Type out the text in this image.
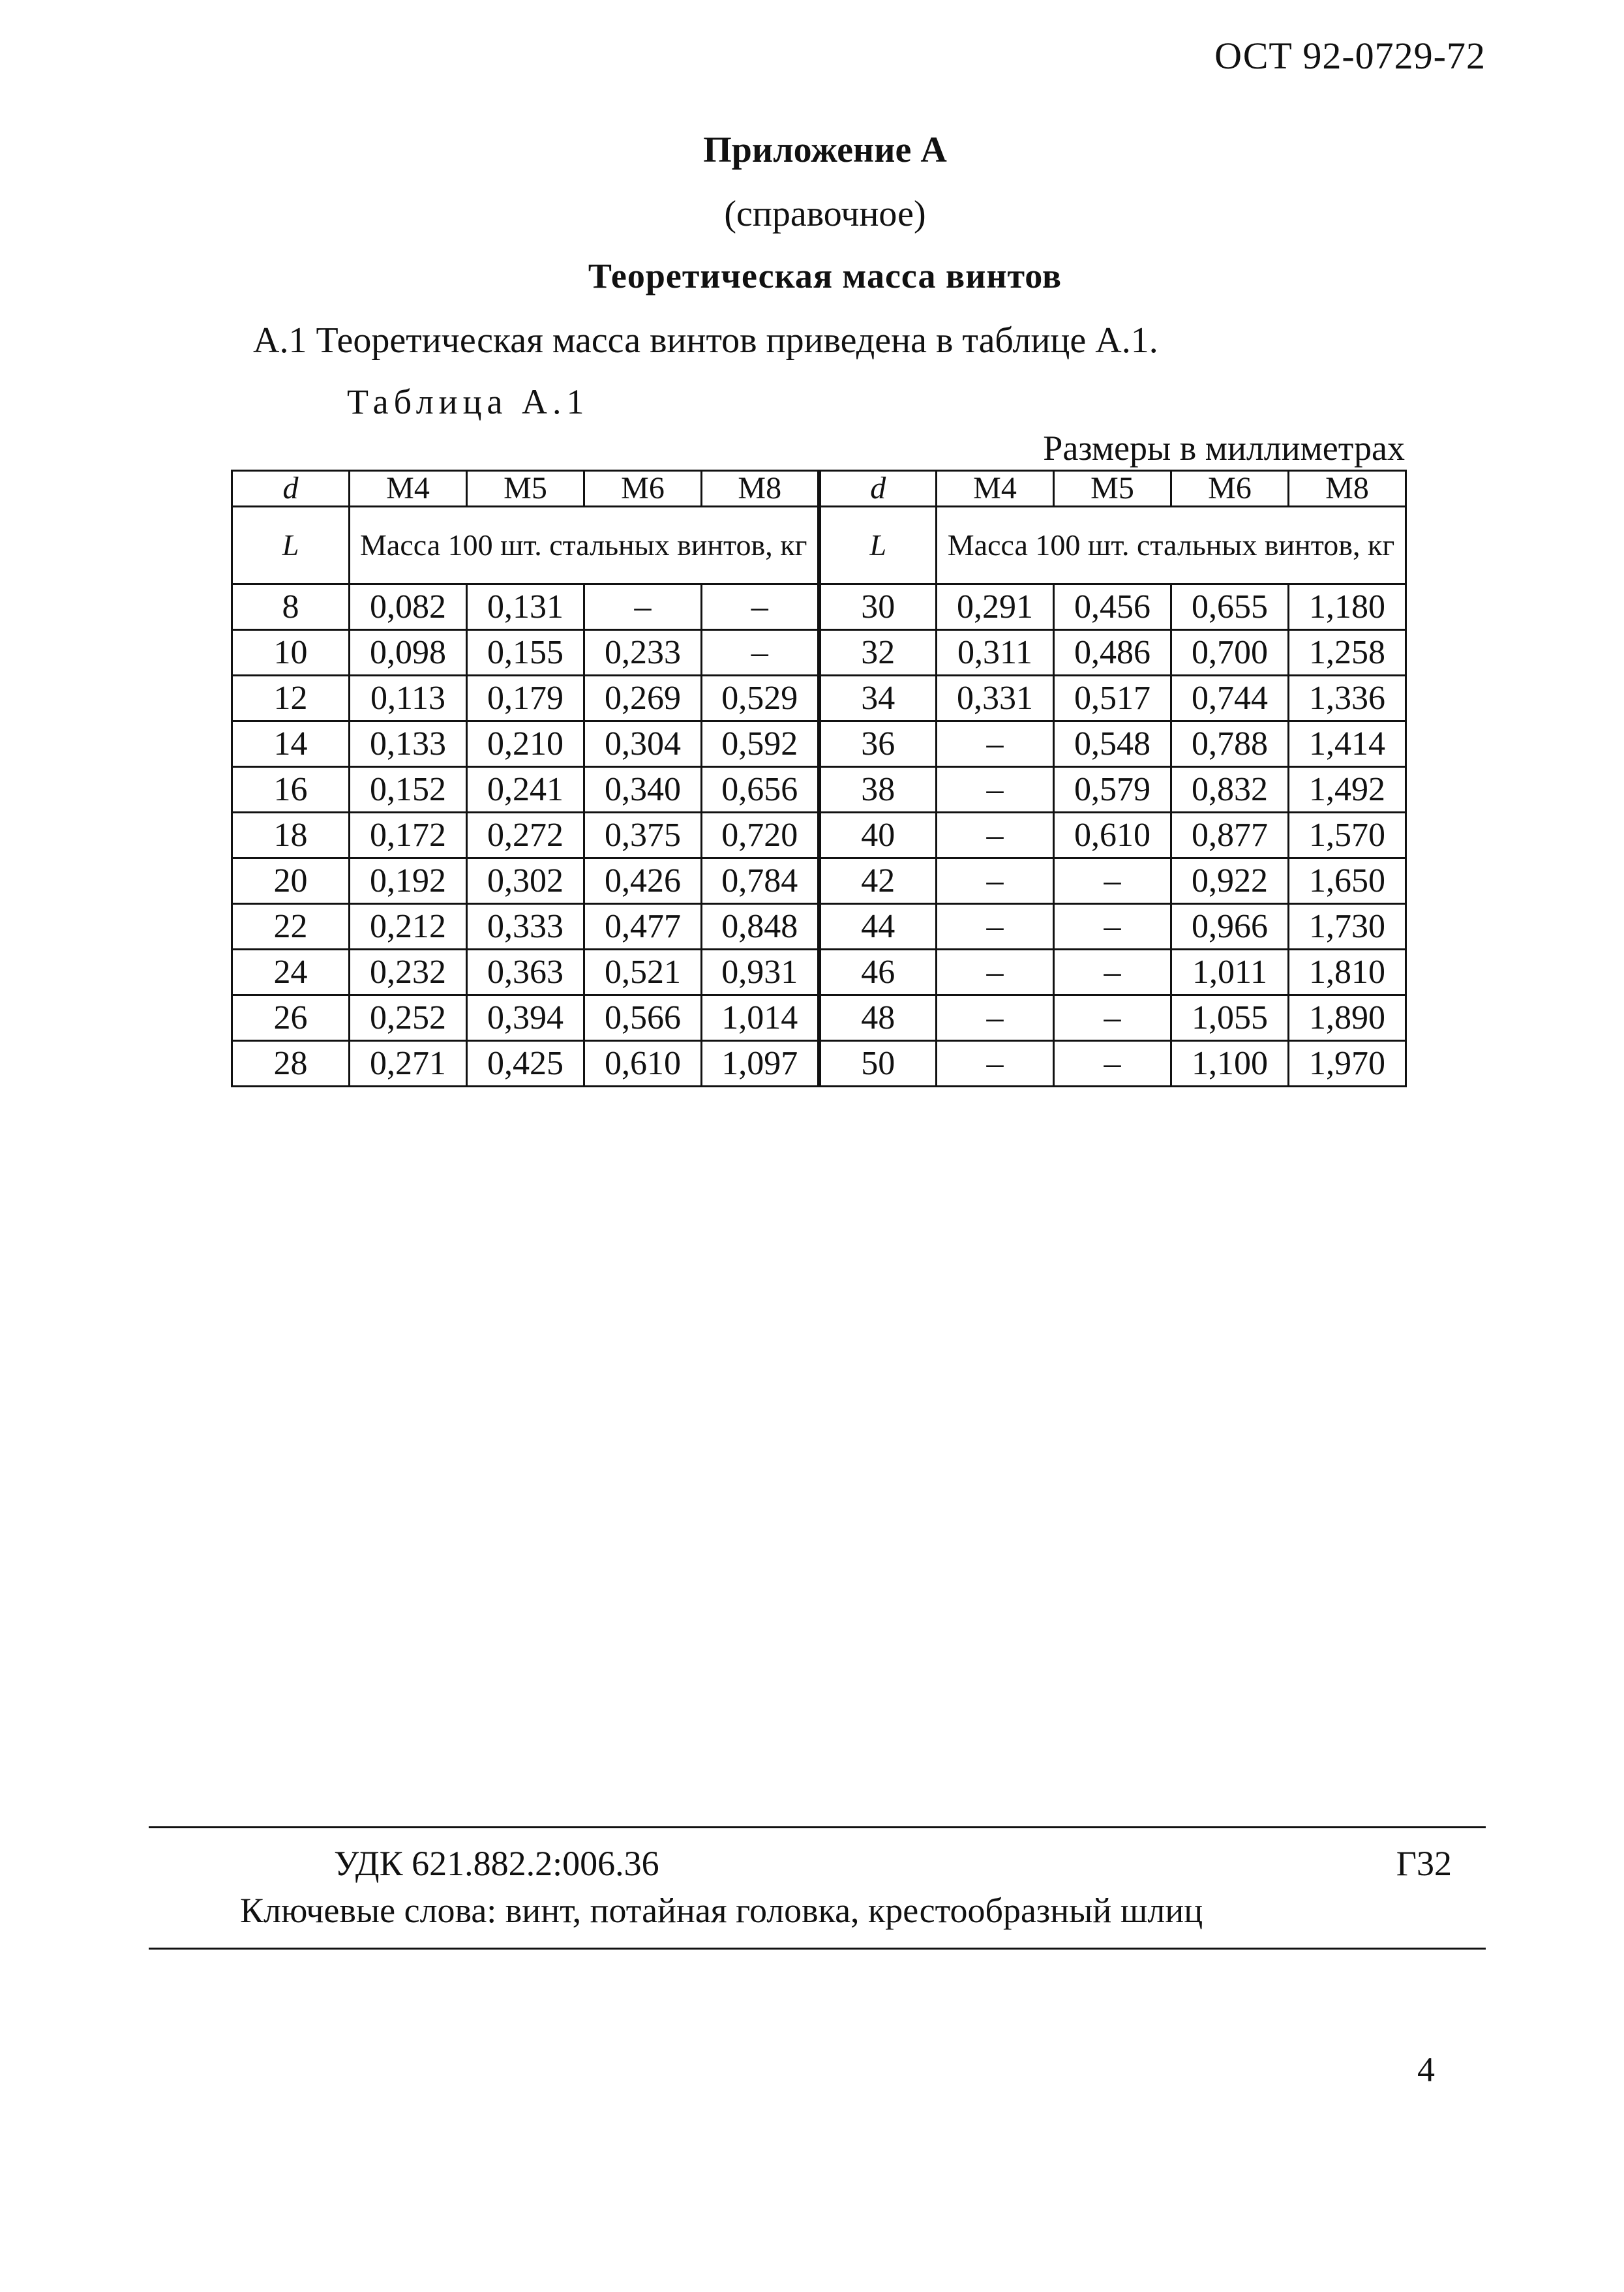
ОСТ 92-0729-72
Приложение А
(справочное)
Теоретическая масса винтов
А.1 Теоретическая масса винтов приведена в таблице А.1.
Таблица А.1
Размеры в миллиметрах
d	М4	М5	М6	М8	d	М4	М5	М6	М8
L	Масса 100 шт. стальных винтов, кг				L	Масса 100 шт. стальных винтов, кг			
8	0,082	0,131	–	–	30	0,291	0,456	0,655	1,180
10	0,098	0,155	0,233	–	32	0,311	0,486	0,700	1,258
12	0,113	0,179	0,269	0,529	34	0,331	0,517	0,744	1,336
14	0,133	0,210	0,304	0,592	36	–	0,548	0,788	1,414
16	0,152	0,241	0,340	0,656	38	–	0,579	0,832	1,492
18	0,172	0,272	0,375	0,720	40	–	0,610	0,877	1,570
20	0,192	0,302	0,426	0,784	42	–	–	0,922	1,650
22	0,212	0,333	0,477	0,848	44	–	–	0,966	1,730
24	0,232	0,363	0,521	0,931	46	–	–	1,011	1,810
26	0,252	0,394	0,566	1,014	48	–	–	1,055	1,890
28	0,271	0,425	0,610	1,097	50	–	–	1,100	1,970
УДК 621.882.2:006.36	Г32
Ключевые слова: винт, потайная головка, крестообразный шлиц
4
